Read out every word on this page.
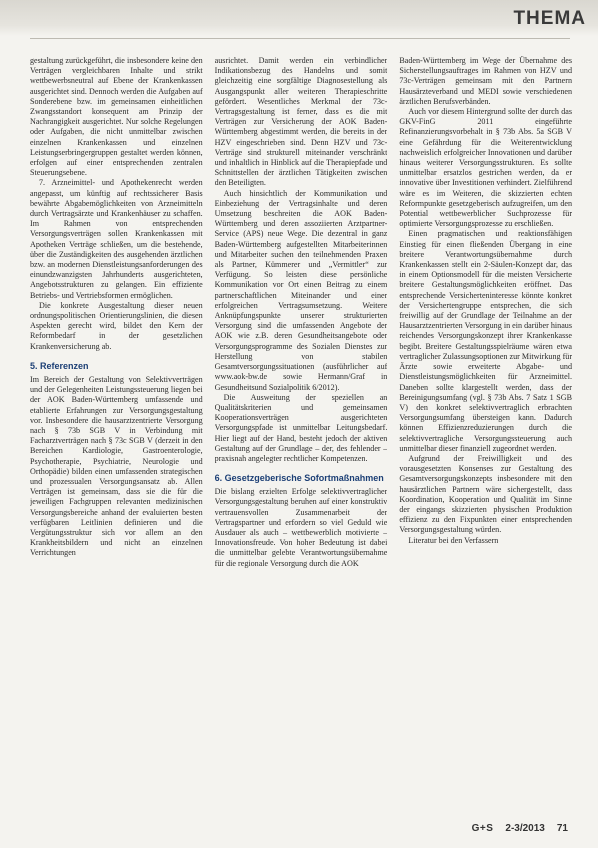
THEMA

gestaltung zurückgeführt, die insbesondere keine den Verträgen vergleichbaren Inhalte und strikt wettbewerbsneutral auf Ebene der Krankenkassen ausgerichtet sind. Dennoch werden die Aufgaben auf Sonderebene bzw. im gemeinsamen einheitlichen Zwangsstandort konsequent am Prinzip der Nachrangigkeit ausgerichtet. Nur solche Regelungen oder Aufgaben, die nicht unmittelbar zwischen einzelnen Krankenkassen und einzelnen Leistungserbringergruppen gestaltet werden können, erfolgen auf einer entsprechenden zentralen Steuerungsebene.

7. Arzneimittel- und Apothekenrecht werden angepasst, um künftig auf rechtssicherer Basis bewährte Abgabemöglichkeiten von Arzneimitteln durch Vertragsärzte und Krankenhäuser zu schaffen. Im Rahmen von entsprechenden Versorgungsverträgen sollen Krankenkassen mit Apotheken Verträge schließen, um die bestehende, über die Zuständigkeiten des ausgehenden ärztlichen bzw. an modernen Dienstleistungsanforderungen des einundzwanzigsten Jahrhunderts ausgerichteten, Angebotsstrukturen zu gelangen. Ein effiziente Betriebs- und Vertriebsformen ermöglichen.

Die konkrete Ausgestaltung dieser neuen ordnungspolitischen Orientierungslinien, die diesen Aspekten gerecht wird, bildet den Kern der Reformbedarf in der gesetzlichen Krankenversicherung ab.

5. Referenzen

Im Bereich der Gestaltung von Selektivverträgen und der Gelegenheiten Leistungssteuerung liegen bei der AOK Baden-Württemberg umfassende und etablierte Erfahrungen zur Versorgungsgestaltung vor. Insbesondere die hausarztzentrierte Versorgung nach § 73b SGB V in Verbindung mit Facharztverträgen nach § 73c SGB V (derzeit in den Bereichen Kardiologie, Gastroenterologie, Psychotherapie, Psychiatrie, Neurologie und Orthopädie) bilden einen umfassenden strategischen und prozessualen Versorgungsansatz ab. Allen Verträgen ist gemeinsam, dass sie die für die jeweiligen Fachgruppen relevanten medizinischen Versorgungsbereiche anhand der evaluierten besten verfügbaren Leitlinien definieren und die Vergütungsstruktur sich vor allem an den Krankheitsbildern und nicht an einzelnen Verrichtungen

ausrichtet. Damit werden ein verbindlicher Indikationsbezug des Handelns und somit gleichzeitig eine sorgfältige Diagnosestellung als Ausgangspunkt aller weiteren Therapieschritte gefördert. Wesentliches Merkmal der 73c-Vertragsgestaltung ist ferner, dass es die mit Verträgen zur Versicherung der AOK Baden-Württemberg abgestimmt werden, die bereits in der HZV eingeschrieben sind. Denn HZV und 73c-Verträge sind strukturell miteinander verschränkt und inhaltlich in Hinblick auf die Therapiepfade und Schnittstellen der ärztlichen Tätigkeiten zwischen den Beteiligten.

Auch hinsichtlich der Kommunikation und Einbeziehung der Vertragsinhalte und deren Umsetzung beschreiten die AOK Baden-Württemberg und deren assoziierten Arztpartner-Service (APS) neue Wege. Die dezentral in ganz Baden-Württemberg aufgestellten Mitarbeiterinnen und Mitarbeiter suchen den teilnehmenden Praxen als Partner, Kümmerer und „Vermittler“ zur Verfügung. So leisten diese persönliche Kommunikation vor Ort einen Beitrag zu einem partnerschaftlichen Miteinander und einer erfolgreichen Vertragsumsetzung. Weitere Anknüpfungspunkte unserer strukturierten Versorgung sind die umfassenden Angebote der AOK wie z.B. deren Gesundheitsangebote oder Versorgungsprogramme des Sozialen Dienstes zur Herstellung von stabilen Gesamtversorgungssituationen (ausführlicher auf www.aok-bw.de sowie Hermann/Graf in Gesundheitsund Sozialpolitik 6/2012).

Die Ausweitung der speziellen an Qualitätskriterien und gemeinsamen Kooperationsverträgen ausgerichteten Versorgungspfade ist unmittelbar Leitungsbedarf. Hier liegt auf der Hand, besteht jedoch der aktiven Gestaltung auf der Grundlage – der, des fehlender – praxisnah angelegter rechtlicher Kompetenzen.

6. Gesetzgeberische Sofortmaßnahmen

Die bislang erzielten Erfolge selektivvertraglicher Versorgungsgestaltung beruhen auf einer konstruktiv vertrauensvollen Zusammenarbeit der Vertragspartner und erfordern so viel Geduld wie Ausdauer als auch – wettbewerblich motivierte – Innovationsfreude. Von hoher Bedeutung ist dabei die unmittelbar gelebte Verantwortungsübernahme für die regionale Versorgung durch die AOK

Baden-Württemberg im Wege der Übernahme des Sicherstellungsauftrages im Rahmen von HZV und 73c-Verträgen gemeinsam mit den Partnern Hausärzteverband und MEDI sowie verschiedenen ärztlichen Berufsverbänden.

Auch vor diesem Hintergrund sollte der durch das GKV-FinG 2011 eingeführte Refinanzierungsvorbehalt in § 73b Abs. 5a SGB V eine Gefährdung für die Weiterentwicklung nachweislich erfolgreicher Innovationen und darüber hinaus weiterer Versorgungsstrukturen. Es sollte unmittelbar ersatzlos gestrichen werden, da er innovative über Investitionen verhindert. Zielführend wäre es im Weiteren, die skizzierten echten Reformpunkte gesetzgeberisch aufzugreifen, um den Potential wettbewerblicher Suchprozesse für optimierte Versorgungsprozesse zu erschließen.

Einen pragmatischen und reaktionsfähigen Einstieg für einen fließenden Übergang in eine breitere Verantwortungsübernahme durch Krankenkassen stellt ein 2-Säulen-Konzept dar, das in einem Optionsmodell für die meisten Versicherte breitere Gestaltungsmöglichkeiten eröffnet. Das entsprechende Versicherteninteresse könnte konkret der Versichertengruppe entsprechen, die sich freiwillig auf der Grundlage der Teilnahme an der Hausarztzentrierten Versorgung in ein darüber hinaus reichendes Versorgungskonzept ihrer Krankenkasse begibt. Breitere Gestaltungsspielräume wären etwa vertraglicher Zulassungsoptionen zur Mitwirkung für Ärzte sowie erweiterte Abgabe- und Dienstleistungsmöglichkeiten für Arzneimittel. Daneben sollte klargestellt werden, dass der Bereinigungsumfang (vgl. § 73b Abs. 7 Satz 1 SGB V) den konkret selektivvertraglich erbrachten Versorgungsumfang übersteigen kann. Dadurch können Effizienzreduzierungen durch die selektivvertragliche Versorgungssteuerung auch unmittelbar dieser finanziell zugeordnet werden.

Aufgrund der Freiwilligkeit und des vorausgesetzten Konsenses zur Gestaltung des Gesamtversorgungskonzepts insbesondere mit den hausärztlichen Partnern wäre sichergestellt, dass Koordination, Kooperation und Qualität im Sinne der eingangs skizzierten physischen Produktion effizienz zu den Fixpunkten einer entsprechenden Versorgungsgestaltung würden.

Literatur bei den Verfassern

G+S 2-3/2013 71
